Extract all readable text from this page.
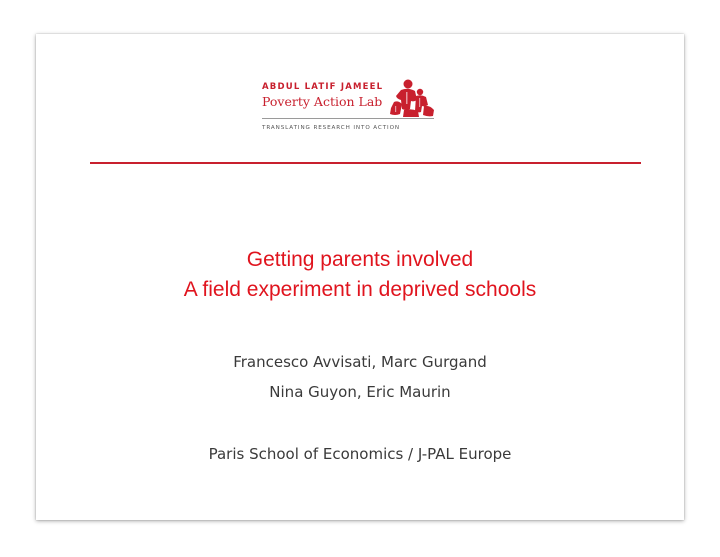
ABDUL LATIF JAMEEL
Poverty Action Lab
TRANSLATING RESEARCH INTO ACTION
Getting parents involved
A field experiment in deprived schools
Francesco Avvisati, Marc Gurgand
Nina Guyon, Eric Maurin
Paris School of Economics / J-PAL Europe
